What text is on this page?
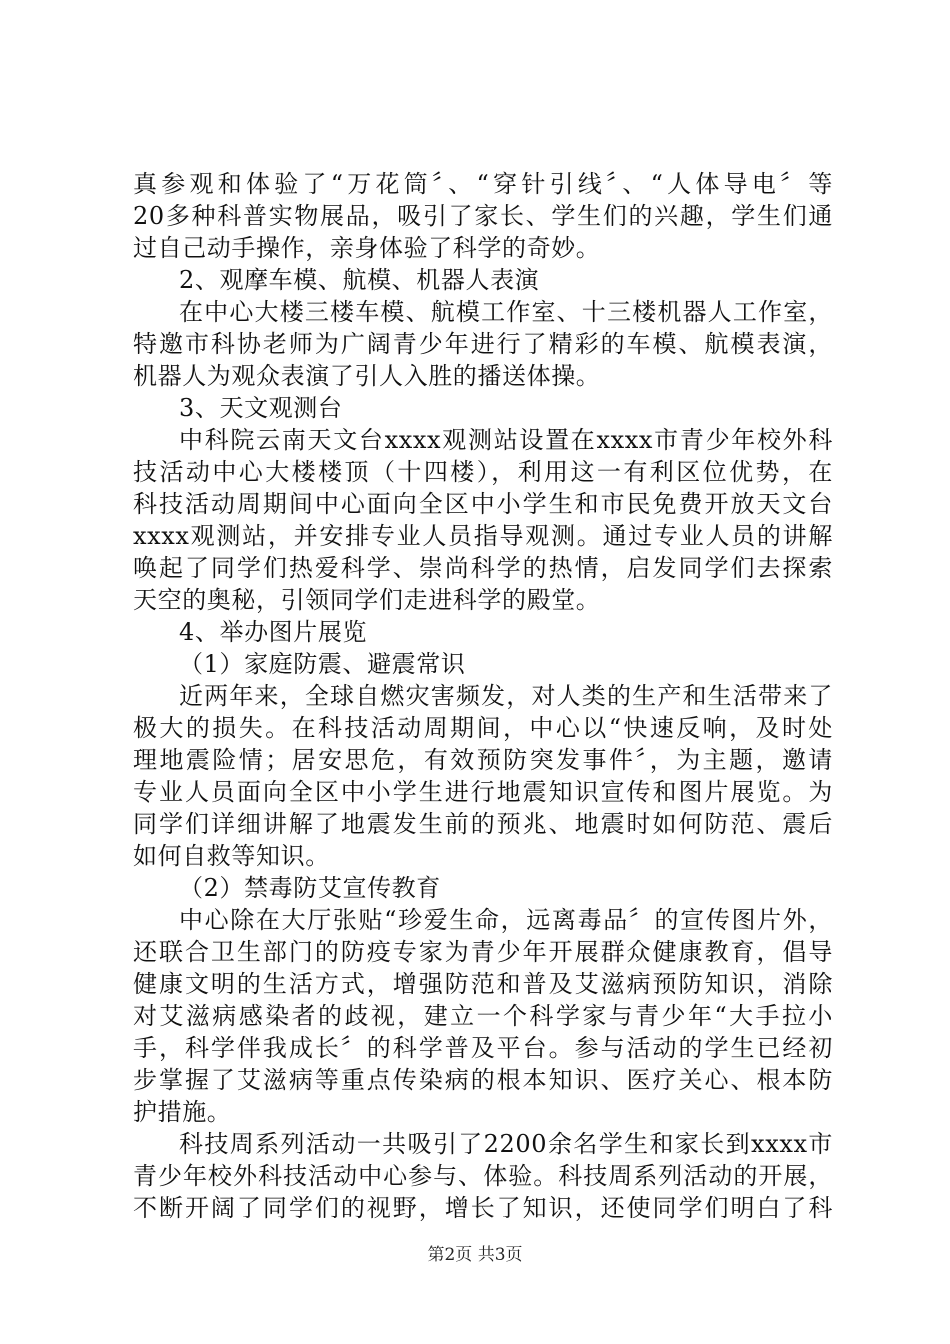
真参观和体验了“万花筒〞、“穿针引线〞、“人体导电〞等
20多种科普实物展品，吸引了家长、学生们的兴趣，学生们通
过自己动手操作，亲身体验了科学的奇妙。
2、观摩车模、航模、机器人表演
在中心大楼三楼车模、航模工作室、十三楼机器人工作室，
特邀市科协老师为广阔青少年进行了精彩的车模、航模表演，
机器人为观众表演了引人入胜的播送体操。
3、天文观测台
中科院云南天文台xxxx观测站设置在xxxx市青少年校外科
技活动中心大楼楼顶（十四楼），利用这一有利区位优势，在
科技活动周期间中心面向全区中小学生和市民免费开放天文台
xxxx观测站，并安排专业人员指导观测。通过专业人员的讲解
唤起了同学们热爱科学、崇尚科学的热情，启发同学们去探索
天空的奥秘，引领同学们走进科学的殿堂。
4、举办图片展览
（1）家庭防震、避震常识
近两年来，全球自燃灾害频发，对人类的生产和生活带来了
极大的损失。在科技活动周期间，中心以“快速反响，及时处
理地震险情；居安思危，有效预防突发事件〞，为主题，邀请
专业人员面向全区中小学生进行地震知识宣传和图片展览。为
同学们详细讲解了地震发生前的预兆、地震时如何防范、震后
如何自救等知识。
（2）禁毒防艾宣传教育
中心除在大厅张贴“珍爱生命，远离毒品〞的宣传图片外，
还联合卫生部门的防疫专家为青少年开展群众健康教育，倡导
健康文明的生活方式，增强防范和普及艾滋病预防知识，消除
对艾滋病感染者的歧视，建立一个科学家与青少年“大手拉小
手，科学伴我成长〞的科学普及平台。参与活动的学生已经初
步掌握了艾滋病等重点传染病的根本知识、医疗关心、根本防
护措施。
科技周系列活动一共吸引了2200余名学生和家长到xxxx市
青少年校外科技活动中心参与、体验。科技周系列活动的开展，
不断开阔了同学们的视野，增长了知识，还使同学们明白了科
第2页 共3页
